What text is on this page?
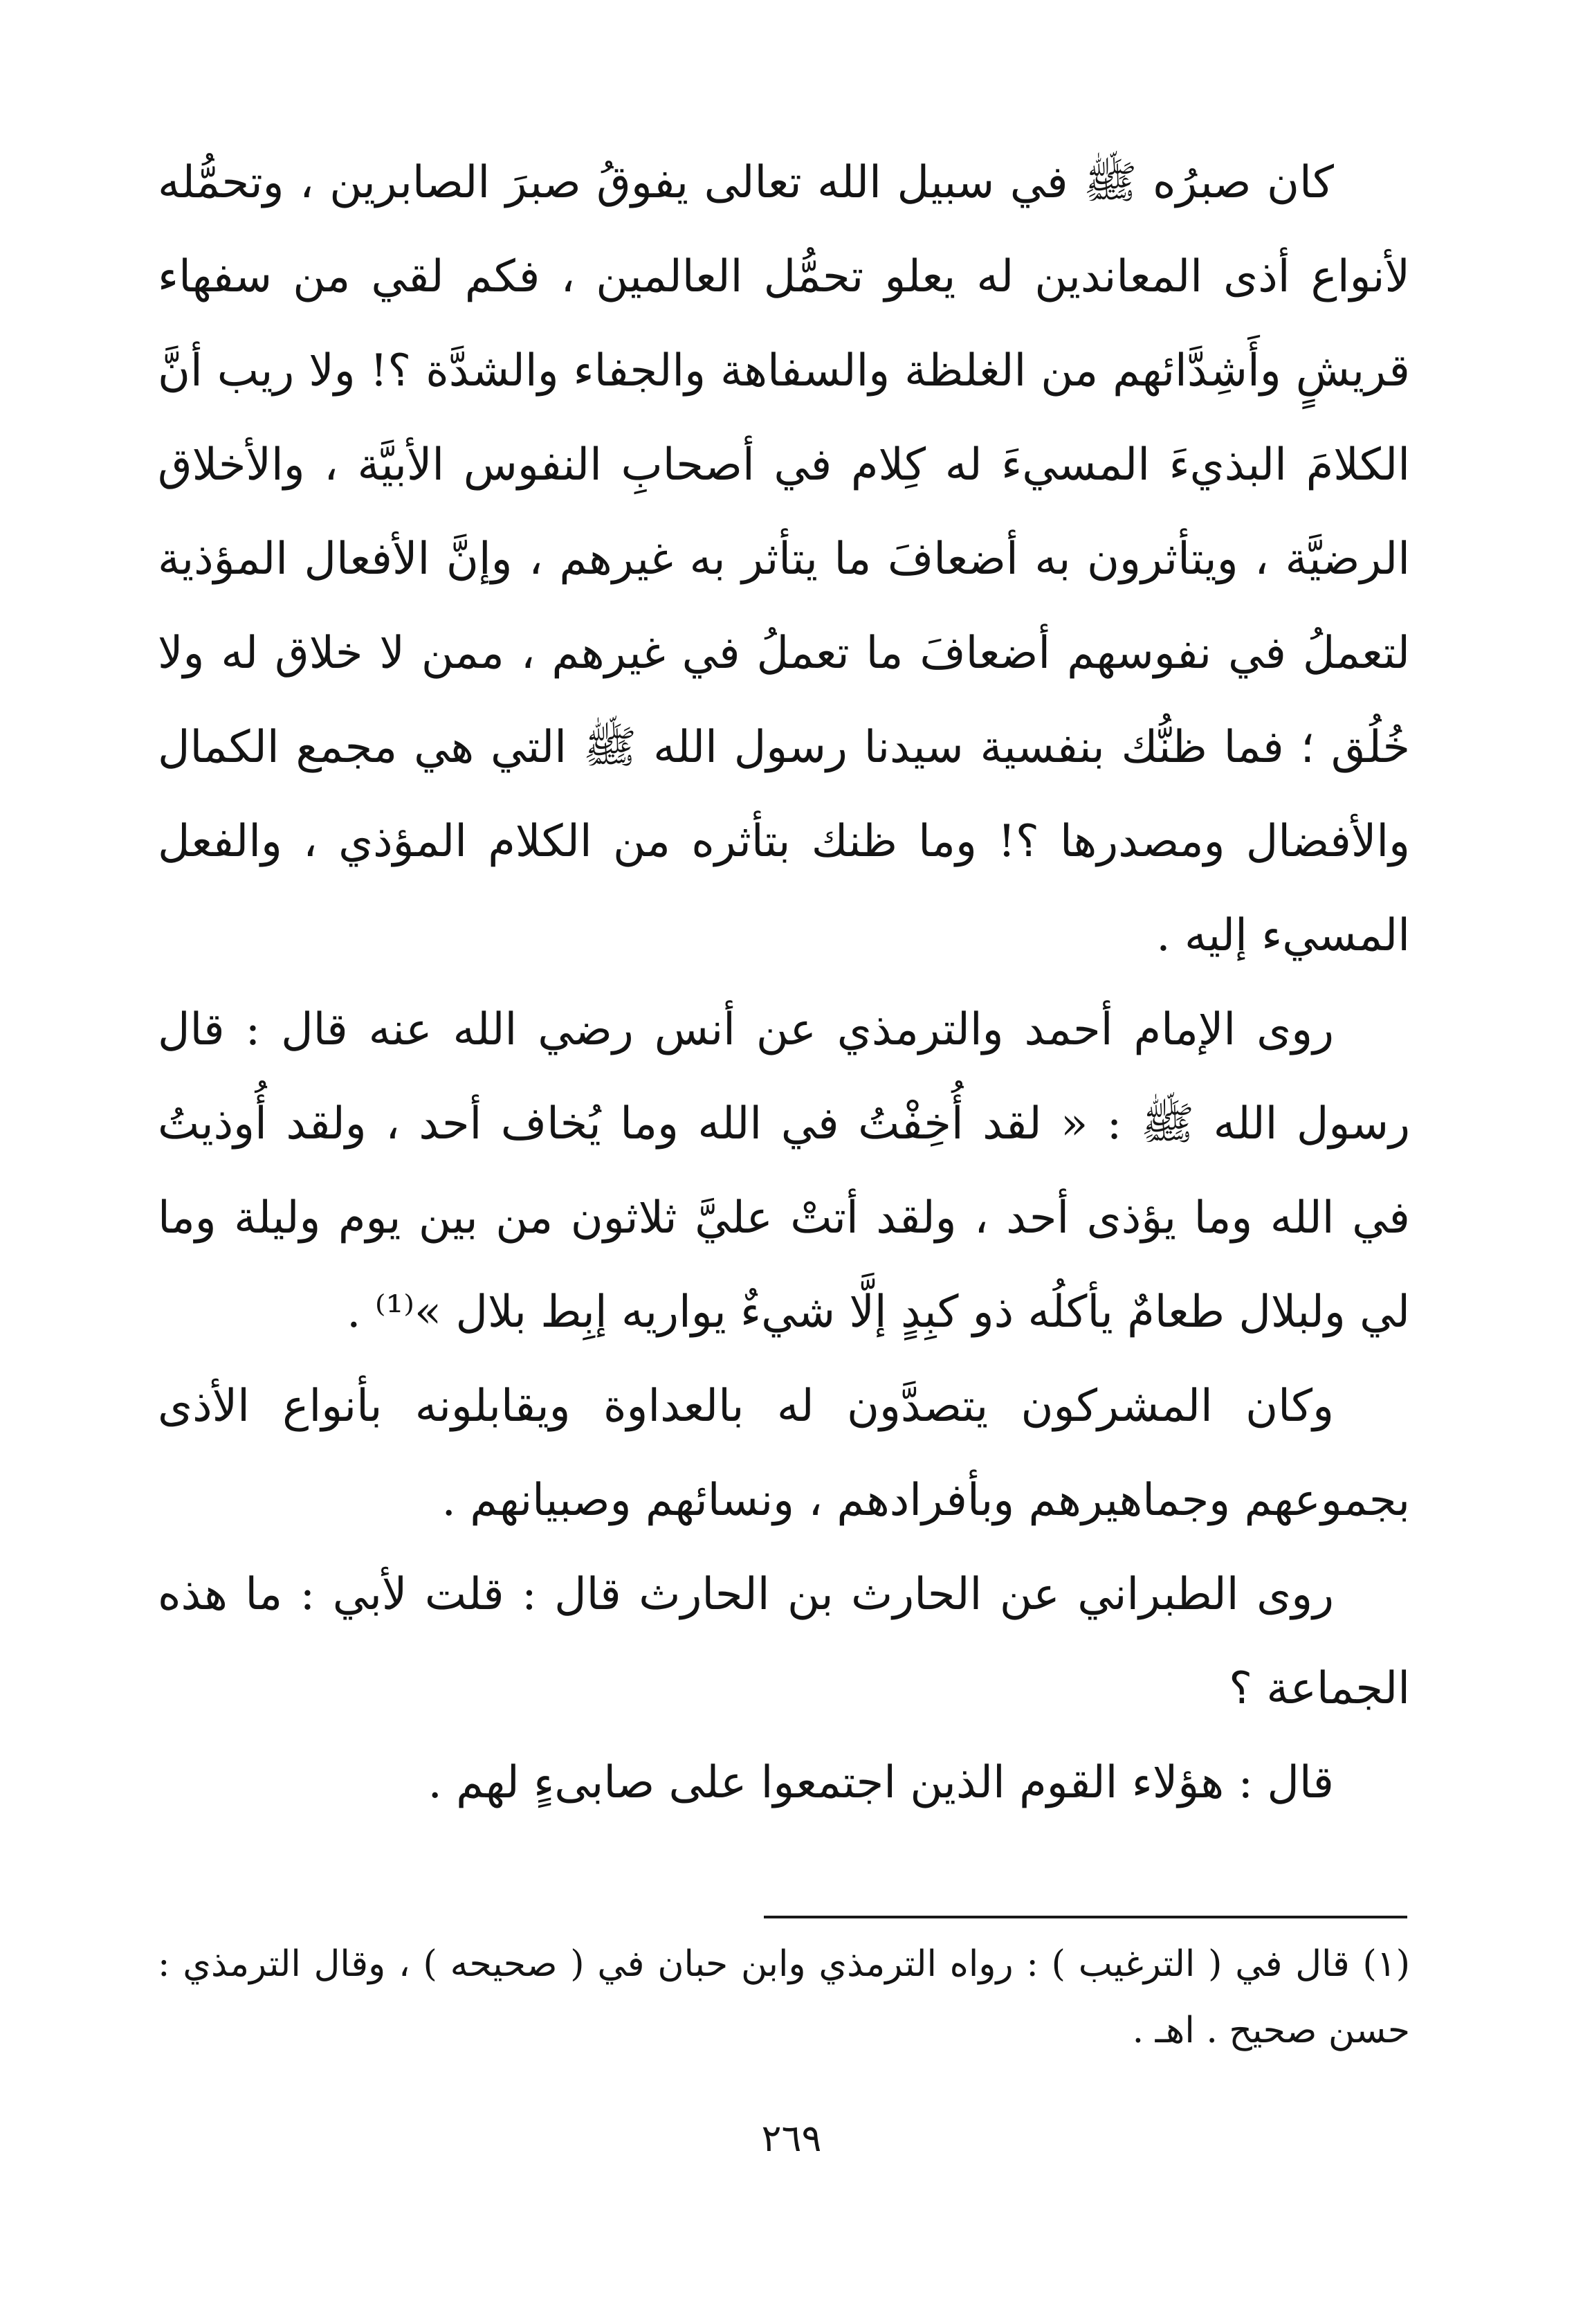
كان صبرُه ﷺ في سبيل الله تعالى يفوقُ صبرَ الصابرين ، وتحمُّله لأنواع أذى المعاندين له يعلو تحمُّل العالمين ، فكم لقي من سفهاء قريشٍ وأَشِدَّائهم من الغلظة والسفاهة والجفاء والشدَّة ؟! ولا ريب أنَّ الكلامَ البذيءَ المسيءَ له كِلام في أصحابِ النفوس الأبيَّة ، والأخلاق الرضيَّة ، ويتأثرون به أضعافَ ما يتأثر به غيرهم ، وإنَّ الأفعال المؤذية لتعملُ في نفوسهم أضعافَ ما تعملُ في غيرهم ، ممن لا خلاق له ولا خُلُق ؛ فما ظنُّك بنفسية سيدنا رسول الله ﷺ التي هي مجمع الكمال والأفضال ومصدرها ؟! وما ظنك بتأثره من الكلام المؤذي ، والفعل المسيء إليه .

روى الإمام أحمد والترمذي عن أنس رضي الله عنه قال : قال رسول الله ﷺ : « لقد أُخِفْتُ في الله وما يُخاف أحد ، ولقد أُوذيتُ في الله وما يؤذى أحد ، ولقد أتتْ عليَّ ثلاثون من بين يوم وليلة وما لي ولبلال طعامٌ يأكلُه ذو كبِدٍ إلَّا شيءٌ يواريه إبِط بلال »⁽¹⁾ .

وكان المشركون يتصدَّون له بالعداوة ويقابلونه بأنواع الأذى بجموعهم وجماهيرهم وبأفرادهم ، ونسائهم وصبيانهم .

روى الطبراني عن الحارث بن الحارث قال : قلت لأبي : ما هذه الجماعة ؟

قال : هؤلاء القوم الذين اجتمعوا على صابىءٍ لهم .

(١) قال في ( الترغيب ) : رواه الترمذي وابن حبان في ( صحيحه ) ، وقال الترمذي : حسن صحيح . اهـ .

٢٦٩
